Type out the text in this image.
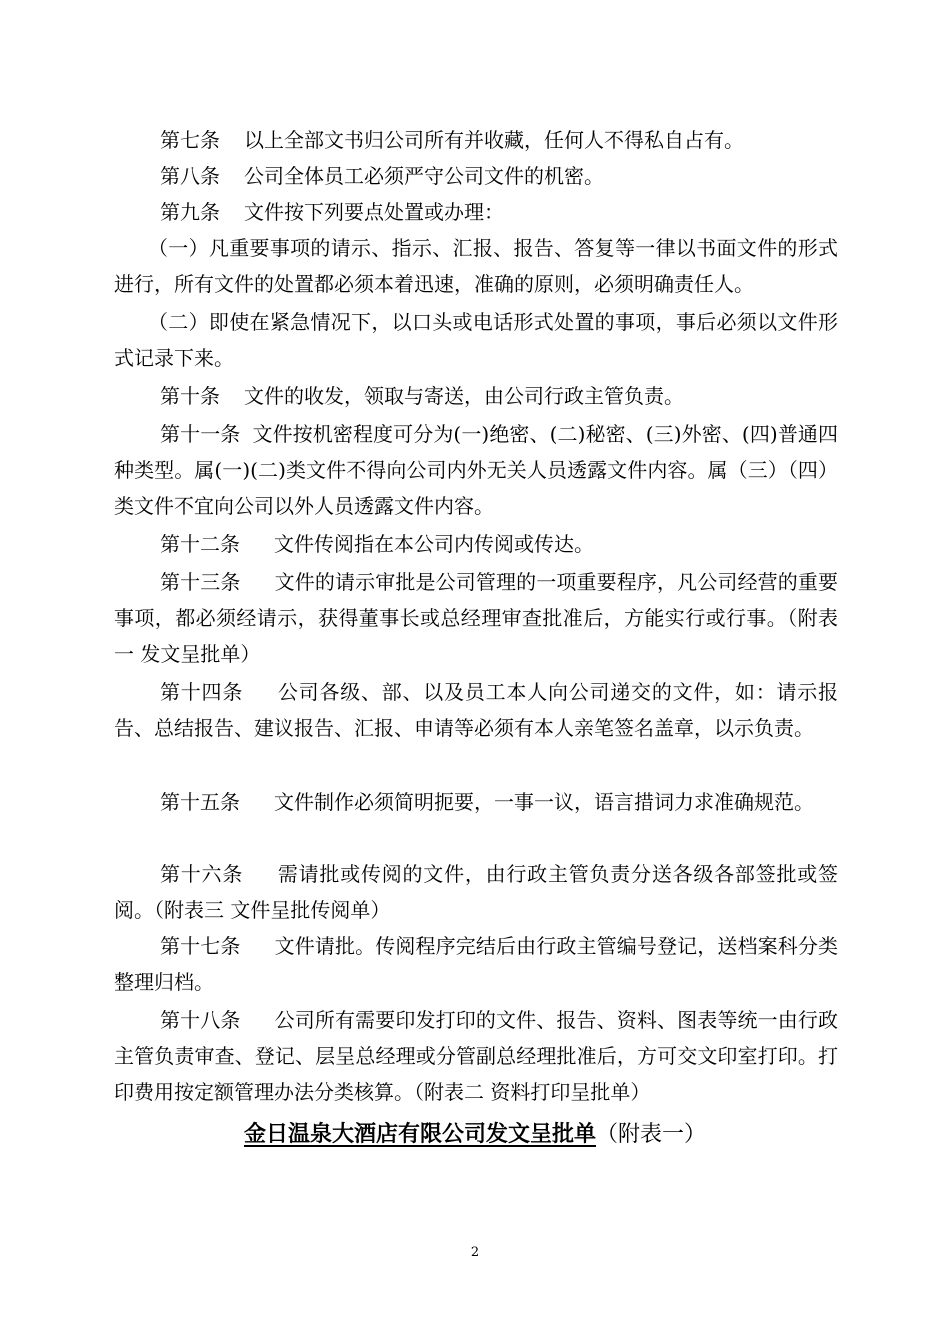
第七条 以上全部文书归公司所有并收藏，任何人不得私自占有。

第八条 公司全体员工必须严守公司文件的机密。

第九条 文件按下列要点处置或办理：

（一）凡重要事项的请示、指示、汇报、报告、答复等一律以书面文件的形式进行，所有文件的处置都必须本着迅速，准确的原则，必须明确责任人。

（二）即使在紧急情况下，以口头或电话形式处置的事项，事后必须以文件形式记录下来。

第十条 文件的收发，领取与寄送，由公司行政主管负责。

第十一条 文件按机密程度可分为(一)绝密、(二)秘密、(三)外密、(四)普通四种类型。属(一)(二)类文件不得向公司内外无关人员透露文件内容。属（三）（四）类文件不宜向公司以外人员透露文件内容。

第十二条 文件传阅指在本公司内传阅或传达。

第十三条 文件的请示审批是公司管理的一项重要程序，凡公司经营的重要事项，都必须经请示，获得董事长或总经理审查批准后，方能实行或行事。（附表一 发文呈批单）

第十四条 公司各级、部、以及员工本人向公司递交的文件，如：请示报告、总结报告、建议报告、汇报、申请等必须有本人亲笔签名盖章，以示负责。

第十五条 文件制作必须简明扼要，一事一议，语言措词力求准确规范。

第十六条 需请批或传阅的文件，由行政主管负责分送各级各部签批或签阅。（附表三 文件呈批传阅单）

第十七条 文件请批。传阅程序完结后由行政主管编号登记，送档案科分类整理归档。

第十八条 公司所有需要印发打印的文件、报告、资料、图表等统一由行政主管负责审查、登记、层呈总经理或分管副总经理批准后，方可交文印室打印。打印费用按定额管理办法分类核算。（附表二 资料打印呈批单）

金日温泉大酒店有限公司发文呈批单（附表一）
2
